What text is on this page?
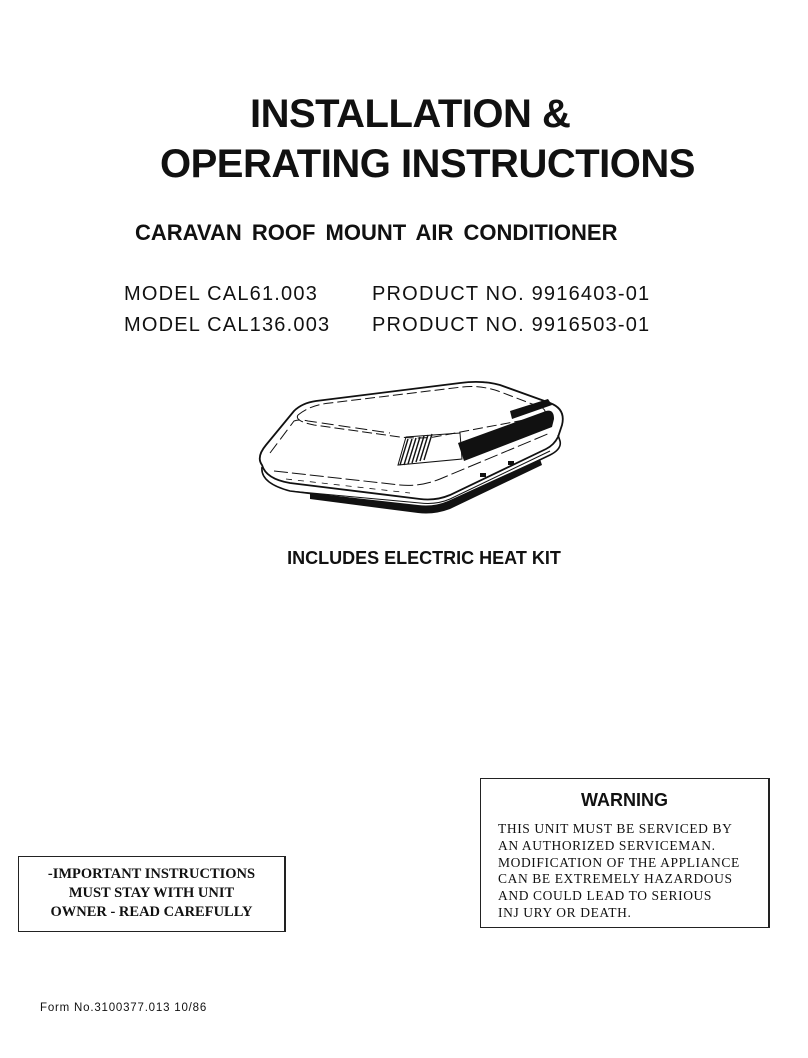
INSTALLATION &
OPERATING INSTRUCTIONS
CARAVAN ROOF MOUNT AIR CONDITIONER
MODEL CAL61.003	PRODUCT NO. 9916403-01
MODEL CAL136.003 PRODUCT NO. 9916503-01
INCLUDES ELECTRIC HEAT KIT
WARNING
THIS UNIT MUST BE SERVICED BY
AN AUTHORIZED SERVICEMAN.
MODIFICATION OF THE APPLIANCE
CAN BE EXTREMELY HAZARDOUS
AND COULD LEAD TO SERIOUS
INJ URY OR DEATH.
-IMPORTANT INSTRUCTIONS
MUST STAY WITH UNIT
OWNER - READ CAREFULLY
Form No.3100377.013 10/86
